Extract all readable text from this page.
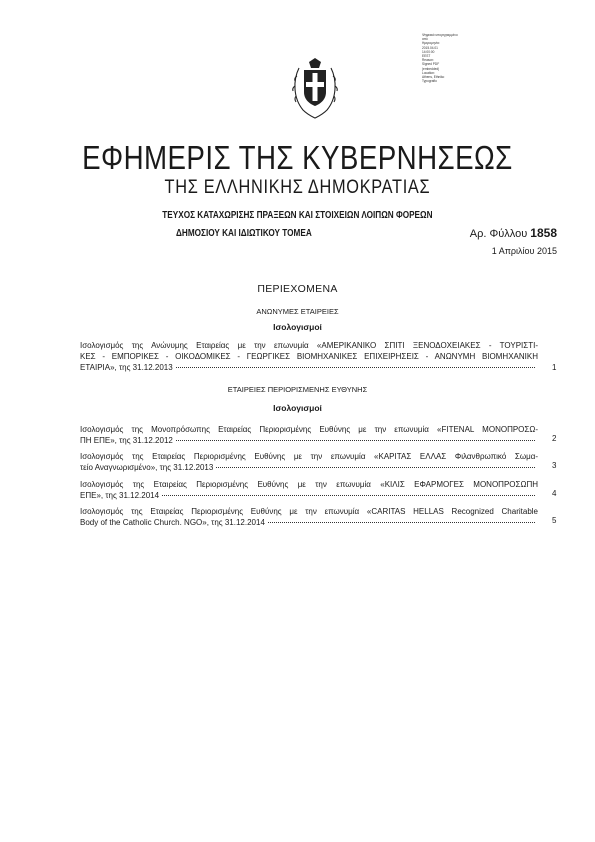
Ψηφιακά υπογεγραμμένο
από
Ημερομηνία:
2015.04.01
14:00:00
EEST
Reason:
Signed PDF
(embedded)
Location:
Athens, Ethniko
Typografio
ΕΦΗΜΕΡΙΣ ΤΗΣ ΚΥΒΕΡΝΗΣΕΩΣ
ΤΗΣ ΕΛΛΗΝΙΚΗΣ ΔΗΜΟΚΡΑΤΙΑΣ
ΤΕΥΧΟΣ ΚΑΤΑΧΩΡΙΣΗΣ ΠΡΑΞΕΩΝ ΚΑΙ ΣΤΟΙΧΕΙΩΝ ΛΟΙΠΩΝ ΦΟΡΕΩΝ
ΔΗΜΟΣΙΟΥ ΚΑΙ ΙΔΙΩΤΙΚΟΥ ΤΟΜΕΑ	Αρ. Φύλλου 1858
1 Απριλίου 2015
ΠΕΡΙΕΧΟΜΕΝΑ
ΑΝΩΝΥΜΕΣ ΕΤΑΙΡΕΙΕΣ
Ισολογισμοί
Ισολογισμός της Ανώνυμης Εταιρείας με την επωνυμία «ΑΜΕΡΙΚΑΝΙΚΟ ΣΠΙΤΙ ΞΕΝΟΔΟΧΕΙΑΚΕΣ - ΤΟΥΡΙΣΤΙ-
ΚΕΣ - ΕΜΠΟΡΙΚΕΣ - ΟΙΚΟΔΟΜΙΚΕΣ - ΓΕΩΡΓΙΚΕΣ ΒΙΟΜΗΧΑΝΙΚΕΣ ΕΠΙΧΕΙΡΗΣΕΙΣ - ΑΝΩΝΥΜΗ ΒΙΟΜΗΧΑΝΙΚΗ
ΕΤΑΙΡΙΑ», της 31.12.2013	1
ΕΤΑΙΡΕΙΕΣ ΠΕΡΙΟΡΙΣΜΕΝΗΣ ΕΥΘΥΝΗΣ
Ισολογισμοί
Ισολογισμός της Μονοπρόσωπης Εταιρείας Περιορισμένης Ευθύνης με την επωνυμία «FITENAL ΜΟΝΟΠΡΟΣΩ-
ΠΗ ΕΠΕ», της 31.12.2012	2
Ισολογισμός της Εταιρείας Περιορισμένης Ευθύνης με την επωνυμία «ΚΑΡΙΤΑΣ ΕΛΛΑΣ Φιλανθρωπικό Σωμα-
τείο Αναγνωρισμένο», της 31.12.2013	3
Ισολογισμός της Εταιρείας Περιορισμένης Ευθύνης με την επωνυμία «ΚΙΛΙΣ ΕΦΑΡΜΟΓΕΣ ΜΟΝΟΠΡΟΣΩΠΗ
ΕΠΕ», της 31.12.2014	4
Ισολογισμός της Εταιρείας Περιορισμένης Ευθύνης με την επωνυμία «CARITAS HELLAS Recognized Charitable
Body of the Catholic Church. NGO», της 31.12.2014	5
